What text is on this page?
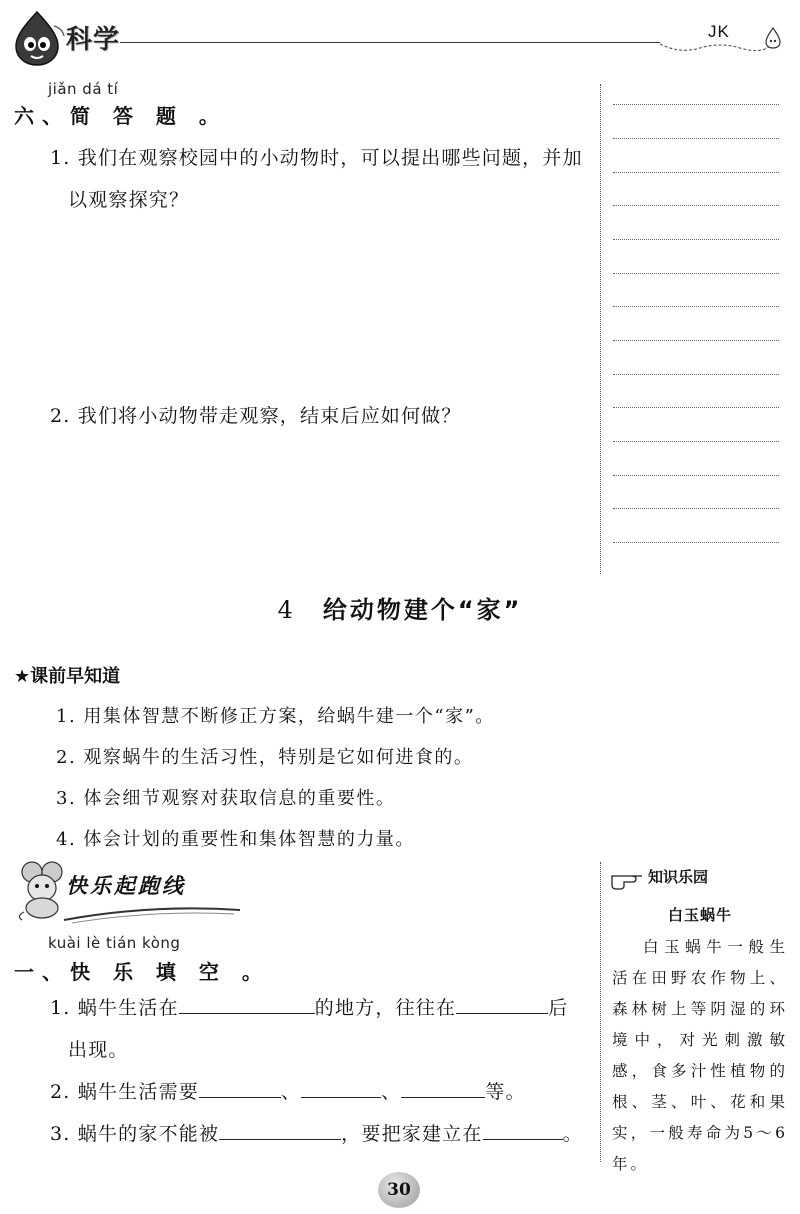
科学	JK
jiǎn dá tí
六、简 答 题 。
1. 我们在观察校园中的小动物时，可以提出哪些问题，并加
以观察探究？
2. 我们将小动物带走观察，结束后应如何做？
4 给动物建个“家”
★课前早知道
1. 用集体智慧不断修正方案，给蜗牛建一个“家”。
2. 观察蜗牛的生活习性，特别是它如何进食的。
3. 体会细节观察对获取信息的重要性。
4. 体会计划的重要性和集体智慧的力量。
快乐起跑线
kuài lè tián kòng
一、快 乐 填 空 。
1. 蜗牛生活在	的地方，往往在	后
出现。
2. 蜗牛生活需要	、	、	等。
3. 蜗牛的家不能被	，要把家建立在	。
知识乐园
白玉蜗牛
白玉蜗牛一般生活在田野农作物上、森林树上等阴湿的环境中，对光刺激敏感，食多汁性植物的根、茎、叶、花和果实，一般寿命为5～6年。
30
